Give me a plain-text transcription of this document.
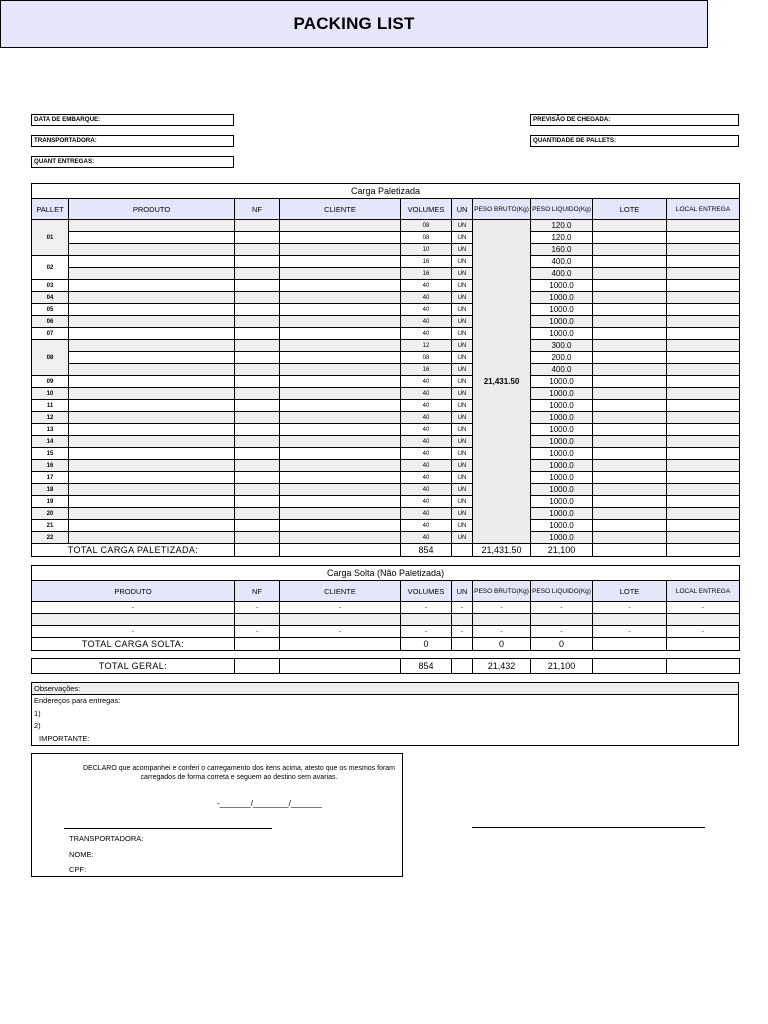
PACKING LIST
DATA DE EMBARQUE:
TRANSPORTADORA:
QUANT ENTREGAS:
PREVISÃO DE CHEGADA:
QUANTIDADE DE PALLETS:
Carga Paletizada									
PALLET	PRODUTO	NF	CLIENTE	VOLUMES	UN	PESO BRUTO(Kg)	PESO LIQUIDO(Kg)	LOTE	LOCAL ENTREGA
01				08	UN	21,431.50	120.0		
				08	UN		120.0		
				10	UN		160.0		
02				16	UN		400.0		
				16	UN		400.0		
03				40	UN		1000.0		
04				40	UN		1000.0		
05				40	UN		1000.0		
06				40	UN		1000.0		
07				40	UN		1000.0		
08				12	UN		300.0		
				08	UN		200.0		
				16	UN		400.0		
09				40	UN		1000.0		
10				40	UN		1000.0		
11				40	UN		1000.0		
12				40	UN		1000.0		
13				40	UN		1000.0		
14				40	UN		1000.0		
15				40	UN		1000.0		
16				40	UN		1000.0		
17				40	UN		1000.0		
18				40	UN		1000.0		
19				40	UN		1000.0		
20				40	UN		1000.0		
21				40	UN		1000.0		
22				40	UN		1000.0		
TOTAL CARGA PALETIZADA:				854		21,431.50	21,100		
Carga Solta (Não Paletizada)								
PRODUTO	NF	CLIENTE	VOLUMES	UN	PESO BRUTO(Kg)	PESO LIQUIDO(Kg)	LOTE	LOCAL ENTREGA
-	-	-	-	-	-	-	-	-

-	-	-	-	-	-	-	-	-
TOTAL CARGA SOLTA:			0		0	0		
TOTAL GERAL:			854		21,432	21,100		
Observações:
Endereços para entregas:
1)
2)
IMPORTANTE:
DECLARO que acompanhei e conferi o carregamento dos itens acima, atesto que os mesmos foram carregados de forma correta e seguem ao destino sem avarias.
-_______/________/_______
TRANSPORTADORA:
NOME:
CPF:
